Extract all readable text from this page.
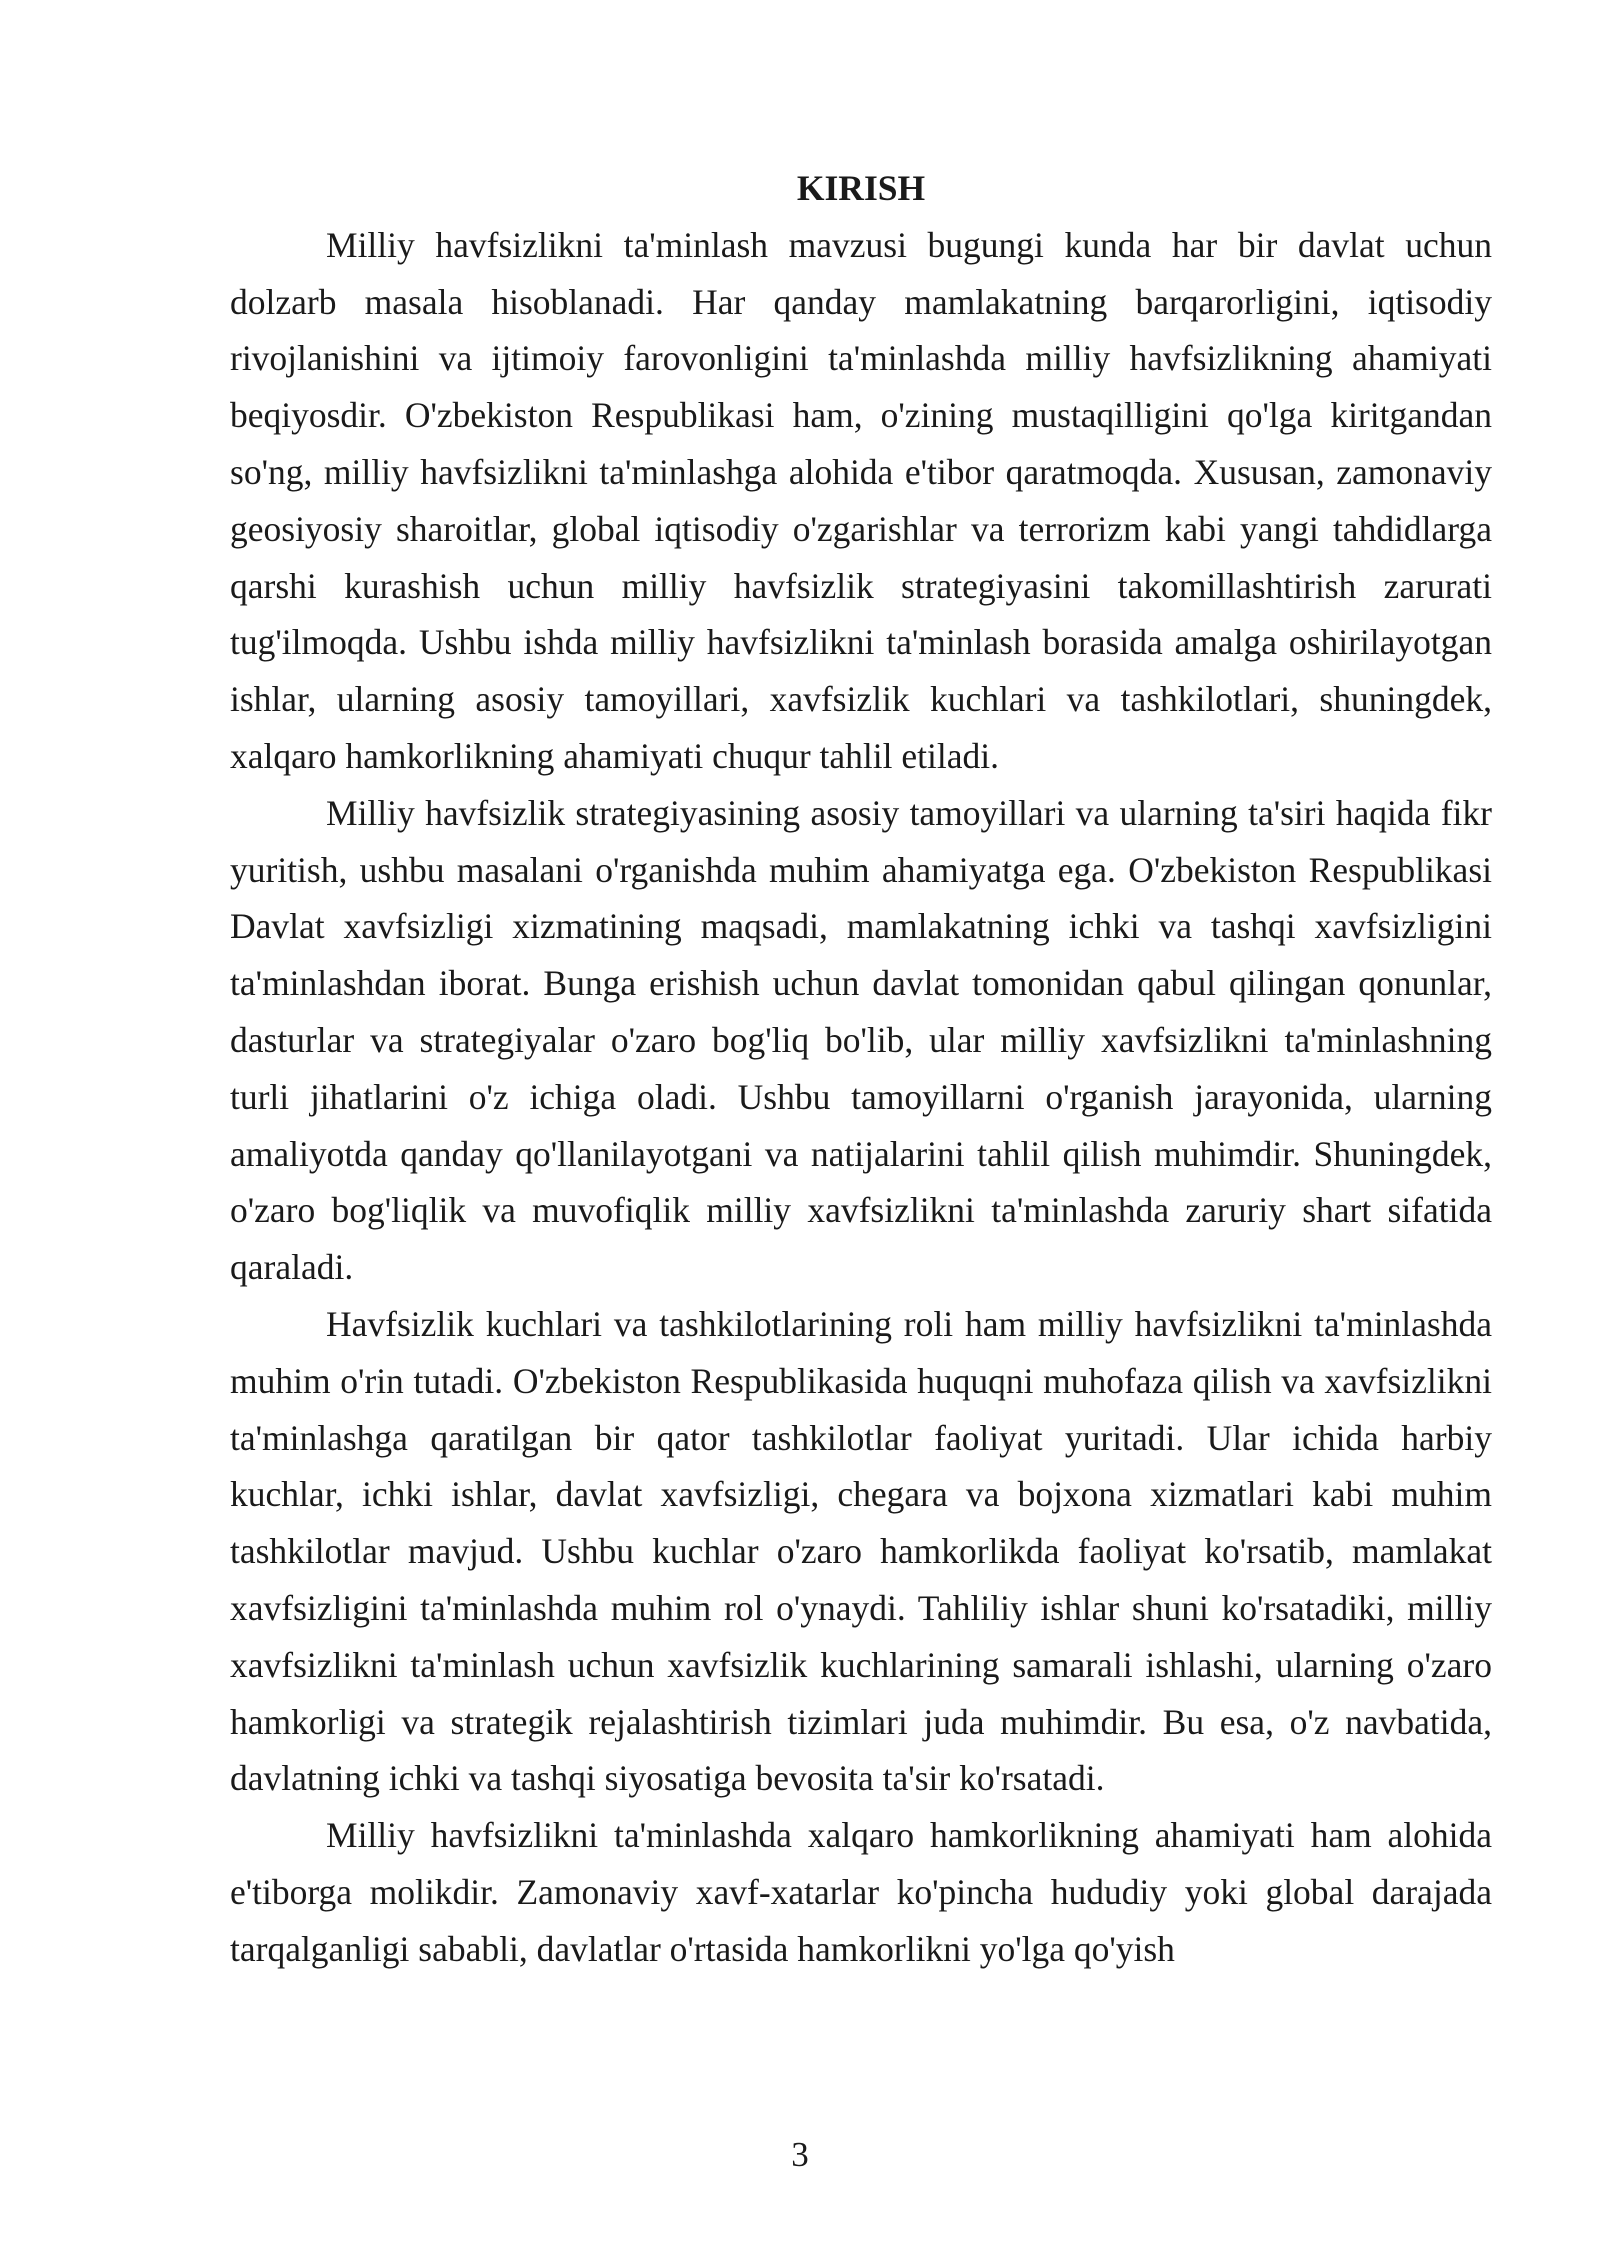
KIRISH

Milliy havfsizlikni ta'minlash mavzusi bugungi kunda har bir davlat uchun dolzarb masala hisoblanadi. Har qanday mamlakatning barqarorligini, iqtisodiy rivojlanishini va ijtimoiy farovonligini ta'minlashda milliy havfsizlikning ahamiyati beqiyosdir. O'zbekiston Respublikasi ham, o'zining mustaqilligini qo'lga kiritgandan so'ng, milliy havfsizlikni ta'minlashga alohida e'tibor qaratmoqda. Xususan, zamonaviy geosiyosiy sharoitlar, global iqtisodiy o'zgarishlar va terrorizm kabi yangi tahdidlarga qarshi kurashish uchun milliy havfsizlik strategiyasini takomillashtirish zarurati tug'ilmoqda. Ushbu ishda milliy havfsizlikni ta'minlash borasida amalga oshirilayotgan ishlar, ularning asosiy tamoyillari, xavfsizlik kuchlari va tashkilotlari, shuningdek, xalqaro hamkorlikning ahamiyati chuqur tahlil etiladi.

Milliy havfsizlik strategiyasining asosiy tamoyillari va ularning ta'siri haqida fikr yuritish, ushbu masalani o'rganishda muhim ahamiyatga ega. O'zbekiston Respublikasi Davlat xavfsizligi xizmatining maqsadi, mamlakatning ichki va tashqi xavfsizligini ta'minlashdan iborat. Bunga erishish uchun davlat tomonidan qabul qilingan qonunlar, dasturlar va strategiyalar o'zaro bog'liq bo'lib, ular milliy xavfsizlikni ta'minlashning turli jihatlarini o'z ichiga oladi. Ushbu tamoyillarni o'rganish jarayonida, ularning amaliyotda qanday qo'llanilayotgani va natijalarini tahlil qilish muhimdir. Shuningdek, o'zaro bog'liqlik va muvofiqlik milliy xavfsizlikni ta'minlashda zaruriy shart sifatida qaraladi.

Havfsizlik kuchlari va tashkilotlarining roli ham milliy havfsizlikni ta'minlashda muhim o'rin tutadi. O'zbekiston Respublikasida huquqni muhofaza qilish va xavfsizlikni ta'minlashga qaratilgan bir qator tashkilotlar faoliyat yuritadi. Ular ichida harbiy kuchlar, ichki ishlar, davlat xavfsizligi, chegara va bojxona xizmatlari kabi muhim tashkilotlar mavjud. Ushbu kuchlar o'zaro hamkorlikda faoliyat ko'rsatib, mamlakat xavfsizligini ta'minlashda muhim rol o'ynaydi. Tahliliy ishlar shuni ko'rsatadiki, milliy xavfsizlikni ta'minlash uchun xavfsizlik kuchlarining samarali ishlashi, ularning o'zaro hamkorligi va strategik rejalashtirish tizimlari juda muhimdir. Bu esa, o'z navbatida, davlatning ichki va tashqi siyosatiga bevosita ta'sir ko'rsatadi.

Milliy havfsizlikni ta'minlashda xalqaro hamkorlikning ahamiyati ham alohida e'tiborga molikdir. Zamonaviy xavf-xatarlar ko'pincha hududiy yoki global darajada tarqalganligi sababli, davlatlar o'rtasida hamkorlikni yo'lga qo'yish

3
